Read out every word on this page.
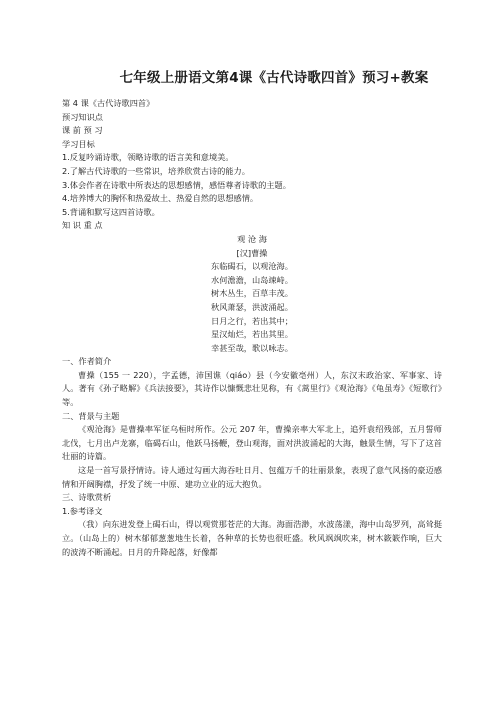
七年级上册语文第4课《古代诗歌四首》预习+教案
第 4 课《古代诗歌四首》
预习知识点
课 前 预 习
学习目标
1.反复吟诵诗歌，领略诗歌的语言美和意境美。
2.了解古代诗歌的一些常识，培养欣赏古诗的能力。
3.体会作者在诗歌中所表达的思想感情，感悟尊者诗歌的主题。
4.培养博大的胸怀和热爱故土、热爱自然的思想感情。
5.背诵和默写这四首诗歌。
知 识 重 点
观 沧 海
[汉]曹操
东临碣石，以观沧海。
水何澹澹，山岛竦峙。
树木丛生，百草丰茂。
秋风萧瑟，洪波涌起。
日月之行，若出其中；
星汉灿烂，若出其里。
幸甚至哉，歌以咏志。
一、作者简介
曹操（155 一 220），字孟德，沛国谯（qiáo）县（今安徽亳州）人，东汉末政治家、军事家、诗人。著有《孙子略解》《兵法接要》，其诗作以慷慨悲壮见称，有《蒿里行》《观沧海》《龟虽寿》《短歌行》等。
二、背景与主题
《观沧海》是曹操率军征乌桓时所作。公元 207 年，曹操亲率大军北上，追歼袁绍残部，五月誓师北伐，七月出卢龙寨，临碣石山，他跃马扬鞭，登山观海，面对洪波涌起的大海，触景生情，写下了这首壮丽的诗篇。
这是一首写景抒情诗。诗人通过勾画大海吞吐日月、包蕴万千的壮丽景象，表现了意气风扬的豪迈感情和开阔胸襟，抒发了统一中原、建功立业的远大抱负。
三、诗歌赏析
1.参考译文
（我）向东进发登上碣石山，得以观赏那苍茫的大海。海面浩渺，水波荡漾，海中山岛罗列，高耸挺立。（山岛上的）树木郁郁葱葱地生长着，各种草的长势也很旺盛。秋风飒飒吹来，树木簌簌作响，巨大的波涛不断涌起。日月的升降起落，好像都
